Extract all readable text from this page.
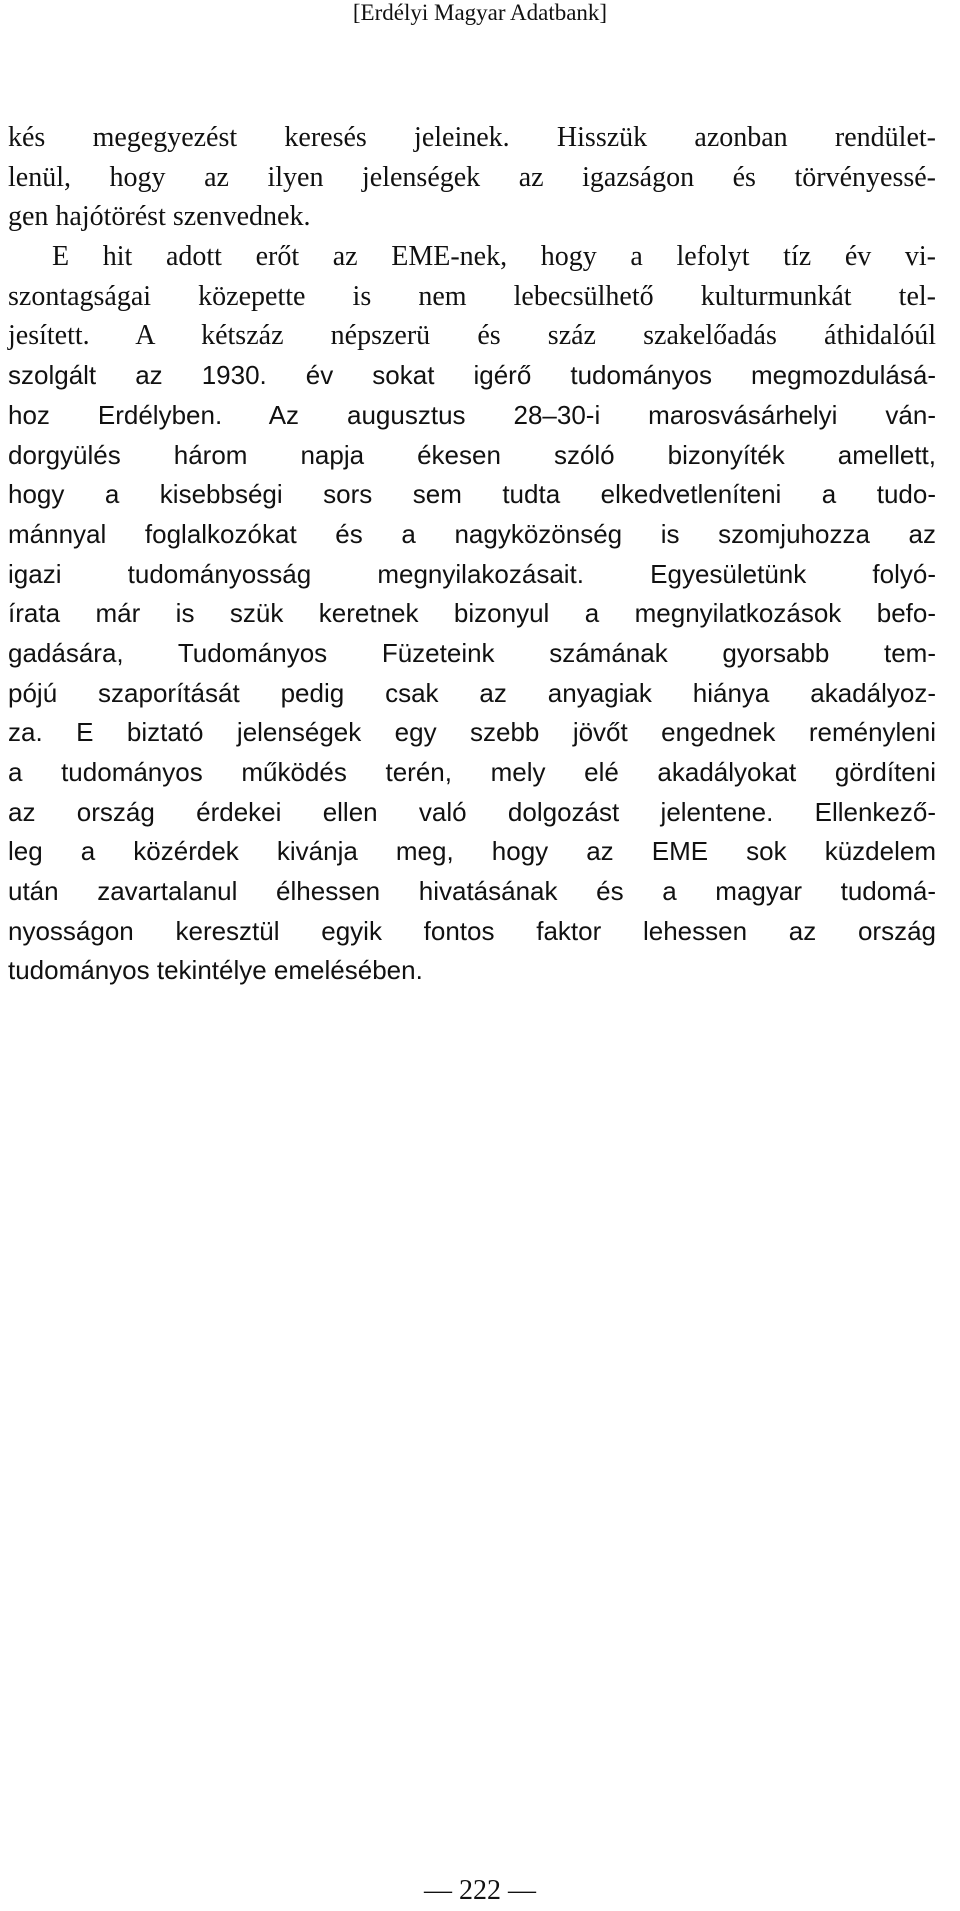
[Erdélyi Magyar Adatbank]
kés megegyezést keresés jeleinek. Hisszük azonban rendület-
lenül, hogy az ilyen jelenségek az igazságon és törvényessé-
gen hajótörést szenvednek.
E hit adott erőt az EME-nek, hogy a lefolyt tíz év vi-
szontagságai közepette is nem lebecsülhető kulturmunkát tel-
jesített. A kétszáz népszerü és száz szakelőadás áthidalóúl
szolgált az 1930. év sokat igérő tudományos megmozdulásá-
hoz Erdélyben. Az augusztus 28–30-i marosvásárhelyi ván-
dorgyülés három napja ékesen szóló bizonyíték amellett,
hogy a kisebbségi sors sem tudta elkedvetleníteni a tudo-
mánnyal foglalkozókat és a nagyközönség is szomjuhozza az
igazi tudományosság megnyilakozásait. Egyesületünk folyó-
írata már is szük keretnek bizonyul a megnyilatkozások befo-
gadására, Tudományos Füzeteink számának gyorsabb tem-
pójú szaporítását pedig csak az anyagiak hiánya akadályoz-
za. E biztató jelenségek egy szebb jövőt engednek reményleni
a tudományos működés terén, mely elé akadályokat gördíteni
az ország érdekei ellen való dolgozást jelentene. Ellenkező-
leg a közérdek kivánja meg, hogy az EME sok küzdelem
után zavartalanul élhessen hivatásának és a magyar tudomá-
nyosságon keresztül egyik fontos faktor lehessen az ország
tudományos tekintélye emelésében.
— 222 —
